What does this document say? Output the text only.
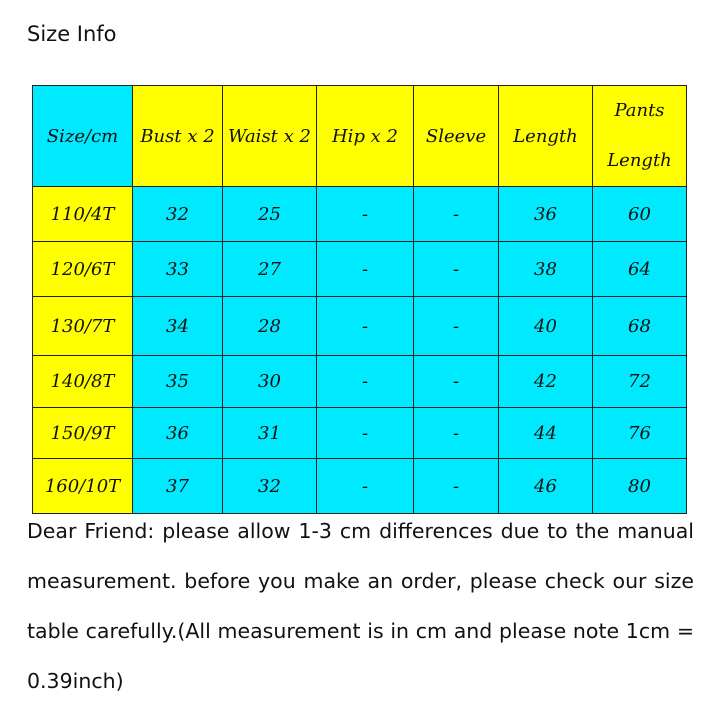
Size Info
Size/cm	Bust x 2	Waist x 2	Hip x 2	Sleeve	Length	Pants
Length

110/4T	32	25	-	-	36	60
120/6T	33	27	-	-	38	64
130/7T	34	28	-	-	40	68
140/8T	35	30	-	-	42	72
150/9T	36	31	-	-	44	76
160/10T	37	32	-	-	46	80
Dear Friend: please allow 1-3 cm differences due to the manual measurement. before you make an order, please check our size table carefully.(All measurement is in cm and please note 1cm = 0.39inch)
